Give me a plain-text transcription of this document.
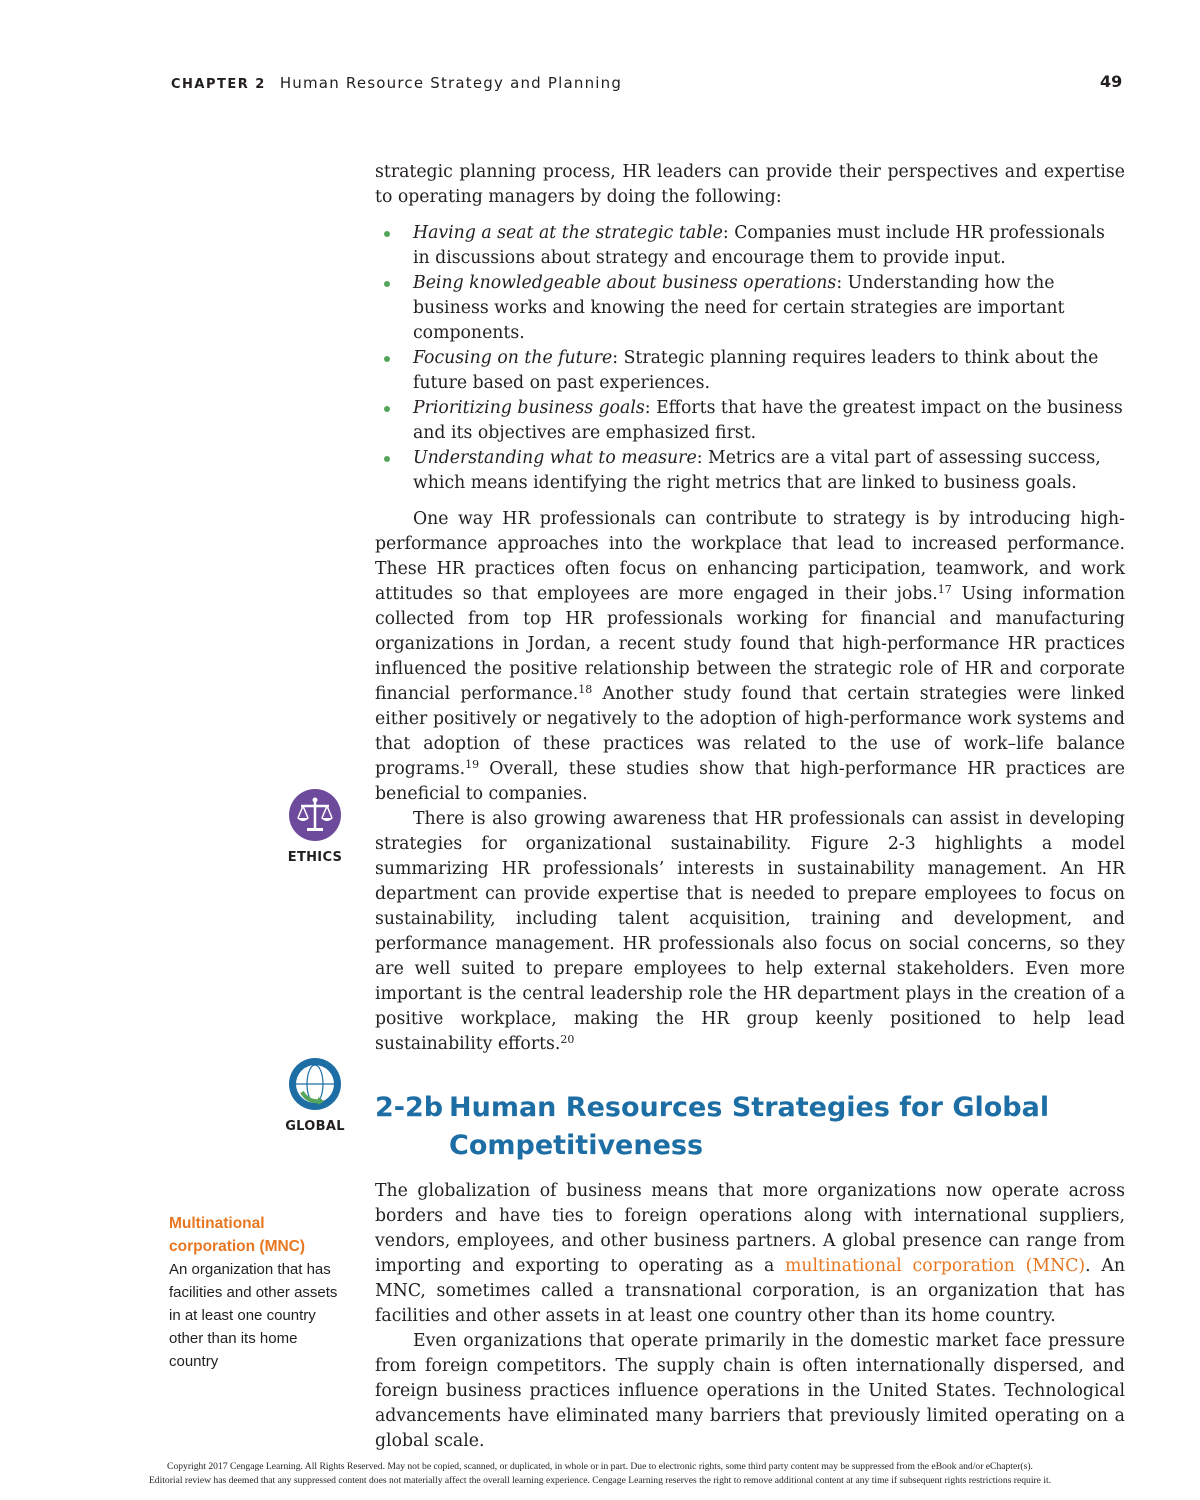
CHAPTER 2 Human Resource Strategy and Planning	49
ETHICS
GLOBAL
Multinational corporation (MNC)
An organization that has facilities and other assets in at least one country other than its home country

strategic planning process, HR leaders can provide their perspectives and expertise to operating managers by doing the following:

Having a seat at the strategic table: Companies must include HR professionals in discussions about strategy and encourage them to provide input.
Being knowledgeable about business operations: Understanding how the business works and knowing the need for certain strategies are important components.
Focusing on the future: Strategic planning requires leaders to think about the future based on past experiences.
Prioritizing business goals: Efforts that have the greatest impact on the business and its objectives are emphasized first.
Understanding what to measure: Metrics are a vital part of assessing success, which means identifying the right metrics that are linked to business goals.

One way HR professionals can contribute to strategy is by introducing high-performance approaches into the workplace that lead to increased performance. These HR practices often focus on enhancing participation, teamwork, and work attitudes so that employees are more engaged in their jobs.$^{17}$ Using information collected from top HR professionals working for financial and manufacturing organizations in Jordan, a recent study found that high-performance HR practices influenced the positive relationship between the strategic role of HR and corporate financial performance.$^{18}$ Another study found that certain strategies were linked either positively or negatively to the adoption of high-performance work systems and that adoption of these practices was related to the use of work–life balance programs.$^{19}$ Overall, these studies show that high-performance HR practices are beneficial to companies.

There is also growing awareness that HR professionals can assist in developing strategies for organizational sustainability. Figure 2-3 highlights a model summarizing HR professionals’ interests in sustainability management. An HR department can provide expertise that is needed to prepare employees to focus on sustainability, including talent acquisition, training and development, and performance management. HR professionals also focus on social concerns, so they are well suited to prepare employees to help external stakeholders. Even more important is the central leadership role the HR department plays in the creation of a positive workplace, making the HR group keenly positioned to help lead sustainability efforts.$^{20}$

2-2b Human Resources Strategies for Global Competitiveness

The globalization of business means that more organizations now operate across borders and have ties to foreign operations along with international suppliers, vendors, employees, and other business partners. A global presence can range from importing and exporting to operating as a multinational corporation (MNC). An MNC, sometimes called a transnational corporation, is an organization that has facilities and other assets in at least one country other than its home country.

Even organizations that operate primarily in the domestic market face pressure from foreign competitors. The supply chain is often internationally dispersed, and foreign business practices influence operations in the United States. Technological advancements have eliminated many barriers that previously limited operating on a global scale.

Copyright 2017 Cengage Learning. All Rights Reserved. May not be copied, scanned, or duplicated, in whole or in part. Due to electronic rights, some third party content may be suppressed from the eBook and/or eChapter(s).
Editorial review has deemed that any suppressed content does not materially affect the overall learning experience. Cengage Learning reserves the right to remove additional content at any time if subsequent rights restrictions require it.
